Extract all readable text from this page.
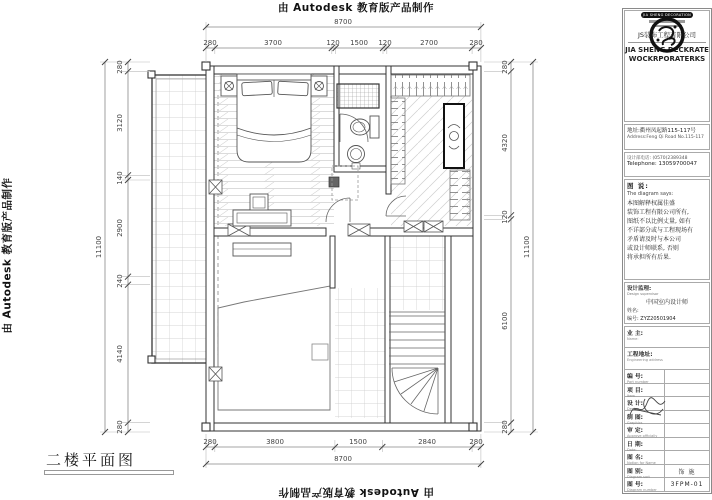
8700
280	3700	120 1500 120	2700	280
280	3800	1500	2840	280
8700
280
3120
140
2900
240
4140
280
11100
280
4320
120
6100
280
11100
由 Autodesk 教育版产品制作
由 Autodesk 教育版产品制作
由 Autodesk 教育版产品制作
二楼平面图
JIA SHENG DECORATION
JS装饰工程有限公司
JIA SHENG DECKRATE
WOCKRPORATERKS
地址:衢州凤起路115-117号
Address:Feng Qi Road No.115-117
设计部电话: (0570)2389348
Telephone: 13059700047
图 说:
The diagram says:
本图解释权属佳盛
装饰工程有限公司所有,
图纸不以比例丈量, 如有
不详部分或与工程现场有
矛盾请及时与本公司
或设计师联系, 否则
将承担所有后果.
设计监理:
Design supervisor
中国室内设计师
姓名:
编号: ZYZ20501904
业 主:
Name:
工程地址:
Engineering address
编 号:
Part number
项 目:
Item
设 计:
Design
制 图:
Graphics
审 定:
Approve officially
日 期:
Date:
图 名:
Notion for Name
图 别:
Diagram sort
饰 施
图 号:
Diagram number
3FPM-01
